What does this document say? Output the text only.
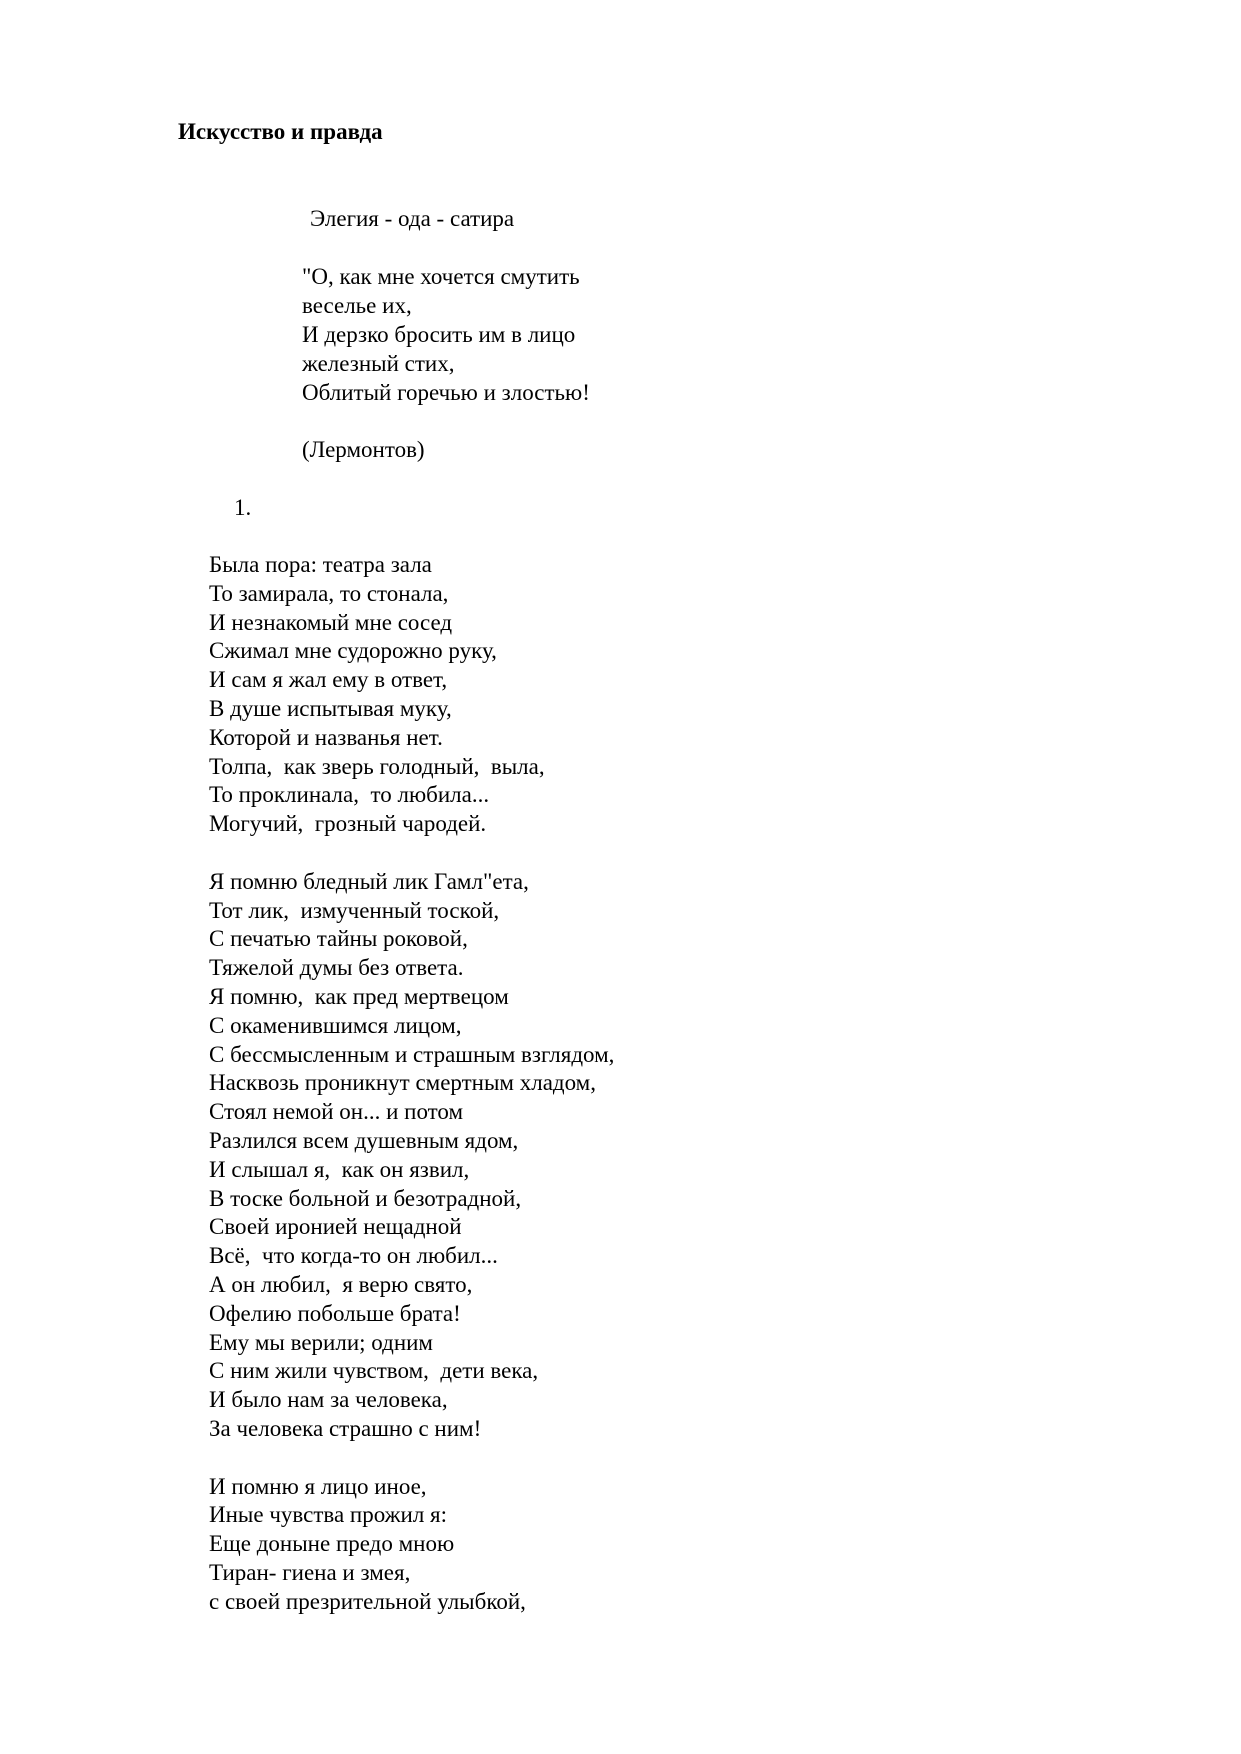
Искусство и правда
Элегия - ода - сатира
"О, как мне хочется смутить
веселье их,
И дерзко бросить им в лицо
железный стих,
Облитый горечью и злостью!
(Лермонтов)
1.
Была пора: театра зала
То замирала, то стонала,
И незнакомый мне сосед
Сжимал мне судорожно руку,
И сам я жал ему в ответ,
В душе испытывая муку,
Которой и названья нет.
Толпа,  как зверь голодный,  выла,
То проклинала,  то любила...
Могучий,  грозный чародей.
Я помню бледный лик Гамл"ета,
Тот лик,  измученный тоской,
С печатью тайны роковой,
Тяжелой думы без ответа.
Я помню,  как пред мертвецом
С окаменившимся лицом,
С бессмысленным и страшным взглядом,
Насквозь проникнут смертным хладом,
Стоял немой он... и потом
Разлился всем душевным ядом,
И слышал я,  как он язвил,
В тоске больной и безотрадной,
Своей иронией нещадной
Всё,  что когда-то он любил...
А он любил,  я верю свято,
Офелию побольше брата!
Ему мы верили; одним
С ним жили чувством,  дети века,
И было нам за человека,
За человека страшно с ним!
И помню я лицо иное,
Иные чувства прожил я:
Еще доныне предо мною
Тиран- гиена и змея,
с своей презрительной улыбкой,
